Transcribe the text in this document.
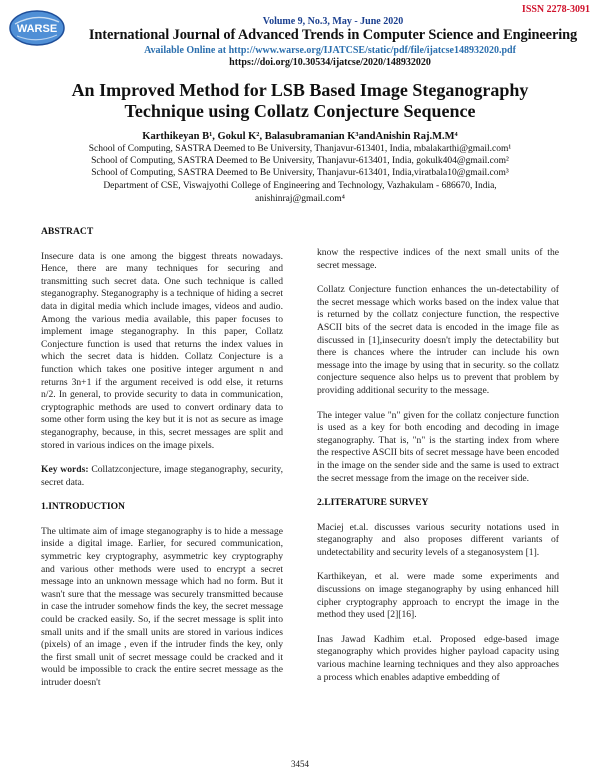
ISSN 2278-3091
WARSE
Volume 9, No.3, May - June 2020
International Journal of Advanced Trends in Computer Science and Engineering
Available Online at http://www.warse.org/IJATCSE/static/pdf/file/ijatcse148932020.pdf
https://doi.org/10.30534/ijatcse/2020/148932020
An Improved Method for LSB Based Image Steganography
Technique using Collatz Conjecture Sequence
Karthikeyan B¹, Gokul K², Balasubramanian K³andAnishin Raj.M.M⁴
School of Computing, SASTRA Deemed to Be University, Thanjavur-613401, India, mbalakarthi@gmail.com¹
School of Computing, SASTRA Deemed to Be University, Thanjavur-613401, India, gokulk404@gmail.com²
School of Computing, SASTRA Deemed to Be University, Thanjavur-613401, India,viratbala10@gmail.com³
Department of CSE, Viswajyothi College of Engineering and Technology, Vazhakulam - 686670, India,
anishinraj@gmail.com⁴
ABSTRACT

Insecure data is one among the biggest threats nowadays. Hence, there are many techniques for securing and transmitting such secret data. One such technique is called steganography. Steganography is a technique of hiding a secret data in digital media which include images, videos and audio. Among the various media available, this paper focuses to implement image steganography. In this paper, Collatz Conjecture function is used that returns the index values in which the secret data is hidden. Collatz Conjecture is a function which takes one positive integer argument n and returns 3n+1 if the argument received is odd else, it returns n/2. In general, to provide security to data in communication, cryptographic methods are used to convert ordinary data to some other form using the key but it is not as secure as image steganography, because, in this, secret messages are split and stored in various indices on the image pixels.

Key words: Collatzconjecture, image steganography, security, secret data.

1.INTRODUCTION

The ultimate aim of image steganography is to hide a message inside a digital image. Earlier, for secured communication, symmetric key cryptography, asymmetric key cryptography and various other methods were used to encrypt a secret message into an unknown message which had no form. But it wasn't sure that the message was securely transmitted because in case the intruder somehow finds the key, the secret message could be cracked easily. So, if the secret message is split into small units and if the small units are stored in various indices (pixels) of an image , even if the intruder finds the key, only the first small unit of secret message could be cracked and it would be impossible to crack the entire secret message as the intruder doesn't

know the respective indices of the next small units of the secret message.

Collatz Conjecture function enhances the un-detectability of the secret message which works based on the index value that is returned by the collatz conjecture function, the respective ASCII bits of the secret data is encoded in the image file as discussed in [1],insecurity doesn't imply the detectability but there is chances where the intruder can include his own message into the image by using that in security. so the collatz conjecture sequence also helps us to prevent that problem by providing additional security to the message.

The integer value "n" given for the collatz conjecture function is used as a key for both encoding and decoding in image steganography. That is, "n" is the starting index from where the respective ASCII bits of secret message have been encoded in the image on the sender side and the same is used to extract the secret message from the image on the receiver side.

2.LITERATURE SURVEY

Maciej et.al. discusses various security notations used in steganography and also proposes different variants of undetectability and security levels of a steganosystem [1].

Karthikeyan, et al. were made some experiments and discussions on image steganography by using enhanced hill cipher cryptography approach to encrypt the image in the method they used [2][16].

Inas Jawad Kadhim et.al. Proposed edge-based image steganography which provides higher payload capacity using various machine learning techniques and they also approaches a process which enables adaptive embedding of

3454
